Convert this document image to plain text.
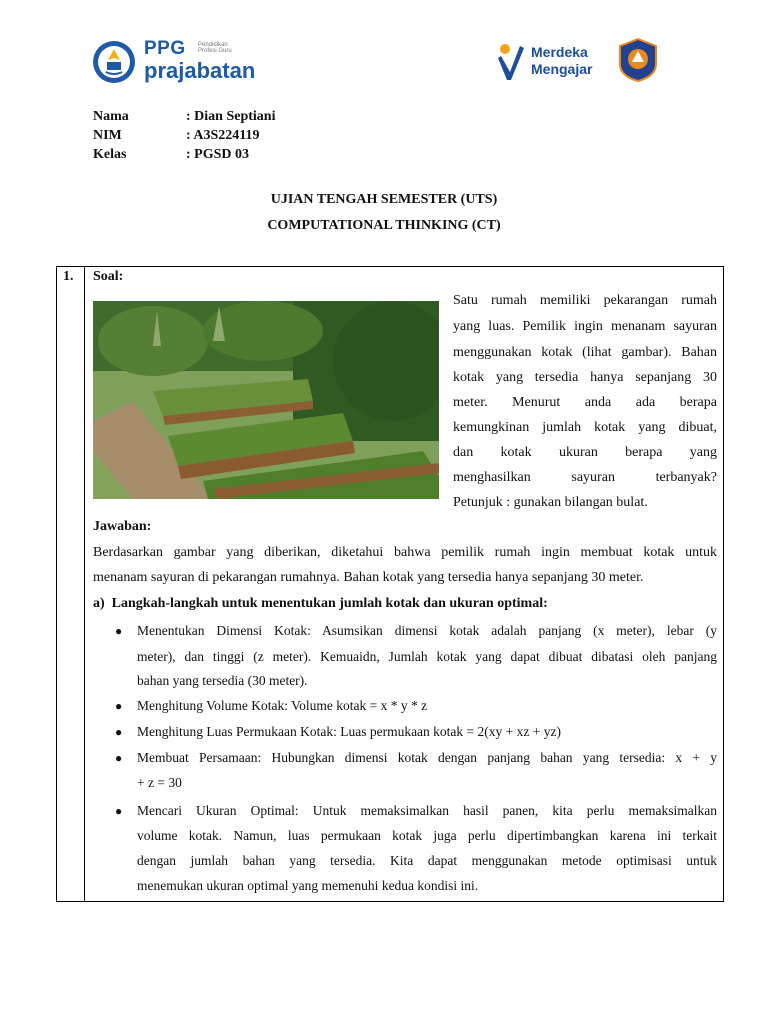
PPG Pendidikan Profesi Guru
prajabatan
Merdeka
Mengajar
Nama	: Dian Septiani
NIM	: A3S224119
Kelas	: PGSD 03
UJIAN TENGAH SEMESTER (UTS)
COMPUTATIONAL THINKING (CT)
1. Soal:
Satu rumah memiliki pekarangan rumah
yang luas. Pemilik ingin menanam sayuran
menggunakan kotak (lihat gambar). Bahan
kotak yang tersedia hanya sepanjang 30
meter. Menurut anda ada berapa
kemungkinan jumlah kotak yang dibuat,
dan kotak ukuran berapa yang
menghasilkan sayuran terbanyak?
Petunjuk : gunakan bilangan bulat.
Jawaban:
Berdasarkan gambar yang diberikan, diketahui bahwa pemilik rumah ingin membuat kotak untuk
menanam sayuran di pekarangan rumahnya. Bahan kotak yang tersedia hanya sepanjang 30 meter.
a) Langkah-langkah untuk menentukan jumlah kotak dan ukuran optimal:
● Menentukan Dimensi Kotak: Asumsikan dimensi kotak adalah panjang (x meter), lebar (y
meter), dan tinggi (z meter). Kemuaidn, Jumlah kotak yang dapat dibuat dibatasi oleh panjang
bahan yang tersedia (30 meter).
● Menghitung Volume Kotak: Volume kotak = x * y * z
● Menghitung Luas Permukaan Kotak: Luas permukaan kotak = 2(xy + xz + yz)
● Membuat Persamaan: Hubungkan dimensi kotak dengan panjang bahan yang tersedia: x + y
+ z = 30
● Mencari Ukuran Optimal: Untuk memaksimalkan hasil panen, kita perlu memaksimalkan
volume kotak. Namun, luas permukaan kotak juga perlu dipertimbangkan karena ini terkait
dengan jumlah bahan yang tersedia. Kita dapat menggunakan metode optimisasi untuk
menemukan ukuran optimal yang memenuhi kedua kondisi ini.
